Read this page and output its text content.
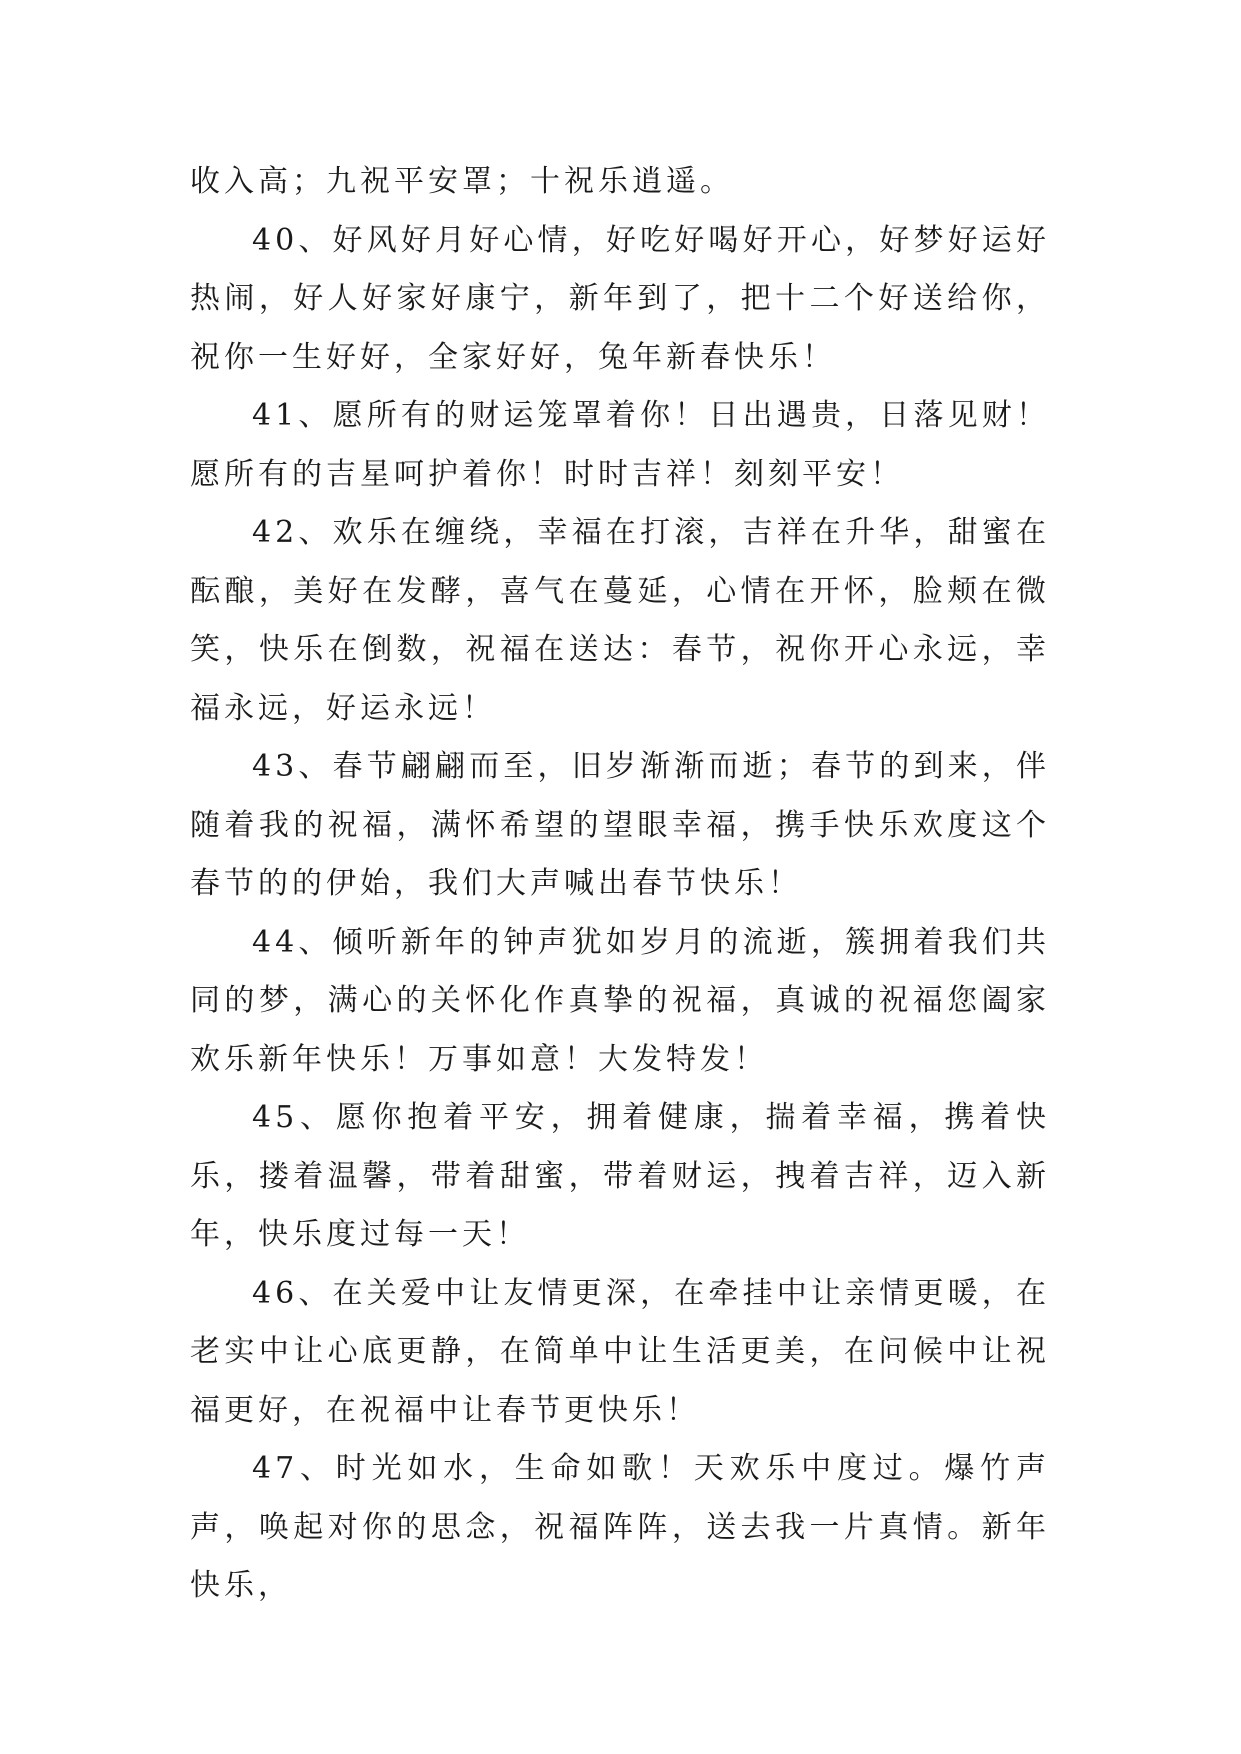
收入高；九祝平安罩；十祝乐逍遥。

40、好风好月好心情，好吃好喝好开心，好梦好运好热闹，好人好家好康宁，新年到了，把十二个好送给你，祝你一生好好，全家好好，兔年新春快乐！

41、愿所有的财运笼罩着你！日出遇贵，日落见财！愿所有的吉星呵护着你！时时吉祥！刻刻平安！

42、欢乐在缠绕，幸福在打滚，吉祥在升华，甜蜜在酝酿，美好在发酵，喜气在蔓延，心情在开怀，脸颊在微笑，快乐在倒数，祝福在送达：春节，祝你开心永远，幸福永远，好运永远！

43、春节翩翩而至，旧岁渐渐而逝；春节的到来，伴随着我的祝福，满怀希望的望眼幸福，携手快乐欢度这个春节的的伊始，我们大声喊出春节快乐！

44、倾听新年的钟声犹如岁月的流逝，簇拥着我们共同的梦，满心的关怀化作真挚的祝福，真诚的祝福您阖家欢乐新年快乐！万事如意！大发特发！

45、愿你抱着平安，拥着健康，揣着幸福，携着快乐，搂着温馨，带着甜蜜，带着财运，拽着吉祥，迈入新年，快乐度过每一天！

46、在关爱中让友情更深，在牵挂中让亲情更暖，在老实中让心底更静，在简单中让生活更美，在问候中让祝福更好，在祝福中让春节更快乐！

47、时光如水，生命如歌！天欢乐中度过。爆竹声声，唤起对你的思念，祝福阵阵，送去我一片真情。新年快乐，
